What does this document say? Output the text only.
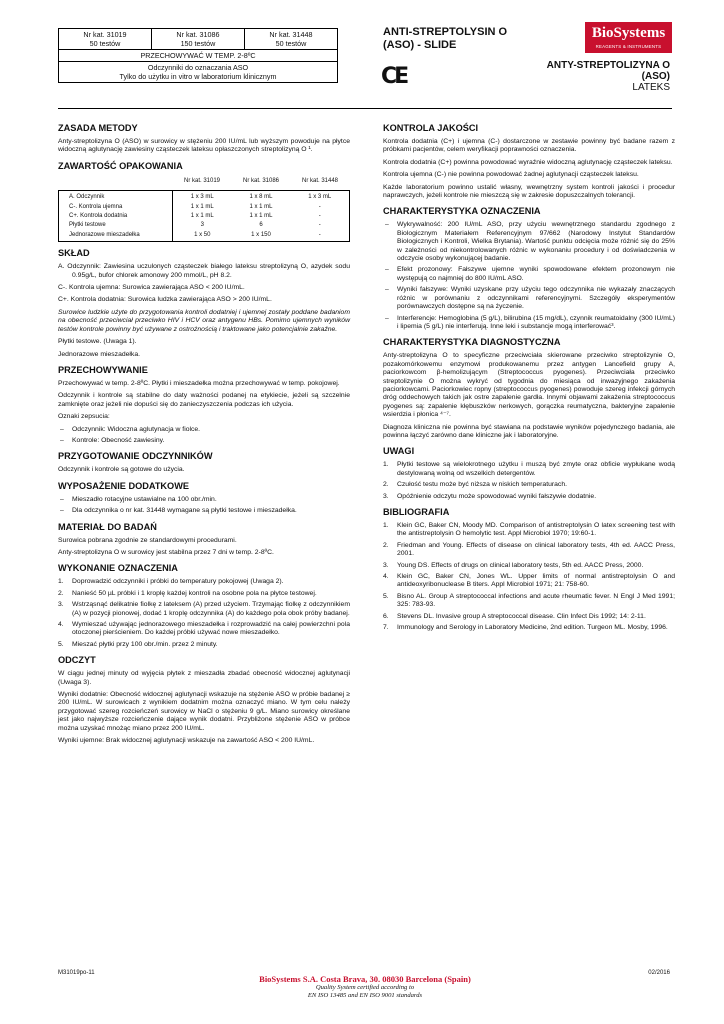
Nr kat. 31019
50 testów

Nr kat. 31086
150 testów

Nr kat. 31448
50 testów

PRZECHOWYWAĆ W TEMP. 2-8ºC

Odczynniki do oznaczania ASO
Tylko do użytku in vitro w laboratorium klinicznym
ANTI-STREPTOLYSIN O
(ASO) - SLIDE
CE
BioSystems
REAGENTS & INSTRUMENTS
ANTY-STREPTOLIZYNA O
(ASO)
LATEKS
ZASADA METODY

Anty-streptolizyna O (ASO) w surowicy w stężeniu 200 IU/mL lub wyższym powoduje na płytce widoczną aglutynację zawiesiny cząsteczek lateksu opłaszczonych streptolizyną O ¹.

ZAWARTOŚĆ OPAKOWANIA
	Nr kat. 31019	Nr kat. 31086	Nr kat. 31448
A. Odczynnik	1 x 3 mL	1 x 8 mL	1 x 3 mL
C-. Kontrola ujemna	1 x 1 mL	1 x 1 mL	-
C+. Kontrola dodatnia	1 x 1 mL	1 x 1 mL	-
Płytki testowe	3	6	-
Jednorazowe mieszadełka	1 x 50	1 x 150	-
SKŁAD

A. Odczynnik: Zawiesina uczulonych cząsteczek białego lateksu streptolizyną O, azydek sodu 0.95g/L, bufor chlorek amonowy 200 mmol/L, pH 8.2.

C-. Kontrola ujemna: Surowica zawierająca ASO < 200 IU/mL.

C+. Kontrola dodatnia: Surowica ludzka zawierająca ASO > 200 IU/mL.

Surowice ludzkie użyte do przygotowania kontroli dodatniej i ujemnej zostały poddane badaniom na obecność przeciwciał przeciwko HIV i HCV oraz antygenu HBs. Pomimo ujemnych wyników testów kontrole powinny być używane z ostrożnością i traktowane jako potencjalnie zakaźne.

Płytki testowe. (Uwaga 1).

Jednorazowe mieszadełka.

PRZECHOWYWANIE

Przechowywać w temp. 2-8ºC. Płytki i mieszadełka można przechowywać w temp. pokojowej.

Odczynnik i kontrole są stabilne do daty ważności podanej na etykiecie, jeżeli są szczelnie zamknięte oraz jeżeli nie dopuści się do zanieczyszczenia podczas ich użycia.

Oznaki zepsucia:

– Odczynnik: Widoczna aglutynacja w fiolce.
– Kontrole: Obecność zawiesiny.
PRZYGOTOWANIE ODCZYNNIKÓW

Odczynnik i kontrole są gotowe do użycia.

WYPOSAŻENIE DODATKOWE
– Mieszadło rotacyjne ustawialne na 100 obr./min.
– Dla odczynnika o nr kat. 31448 wymagane są płytki testowe i mieszadełka.
MATERIAŁ DO BADAŃ

Surowica pobrana zgodnie ze standardowymi procedurami.

Anty-streptolizyna O w surowicy jest stabilna przez 7 dni w temp. 2-8ºC.

WYKONANIE OZNACZENIA
1. Doprowadzić odczynniki i próbki do temperatury pokojowej (Uwaga 2).
2. Nanieść 50 µL próbki i 1 kroplę każdej kontroli na osobne pola na płytce testowej.
3. Wstrząsnąć delikatnie fiolkę z lateksem (A) przed użyciem. Trzymając fiolkę z odczynnikiem (A) w pozycji pionowej, dodać 1 kroplę odczynnika (A) do każdego pola obok próby badanej.
4. Wymieszać używając jednorazowego mieszadełka i rozprowadzić na całej powierzchni pola otoczonej pierścieniem. Do każdej próbki używać nowe mieszadełko.
5. Mieszać płytki przy 100 obr./min. przez 2 minuty.
ODCZYT

W ciągu jednej minuty od wyjęcia płytek z mieszadła zbadać obecność widocznej aglutynacji (Uwaga 3).

Wyniki dodatnie: Obecność widocznej aglutynacji wskazuje na stężenie ASO w próbie badanej ≥ 200 IU/mL. W surowicach z wynikiem dodatnim można oznaczyć miano. W tym celu należy przygotować szereg rozcieńczeń surowicy w NaCl o stężeniu 9 g/L. Miano surowicy określane jest jako najwyższe rozcieńczenie dające wynik dodatni. Przybliżone stężenie ASO w próbce można uzyskać mnożąc miano przez 200 IU/mL.

Wyniki ujemne: Brak widocznej aglutynacji wskazuje na zawartość ASO < 200 IU/mL.

KONTROLA JAKOŚCI

Kontrola dodatnia (C+) i ujemna (C-) dostarczone w zestawie powinny być badane razem z próbkami pacjentów, celem weryfikacji poprawności oznaczenia.

Kontrola dodatnia (C+) powinna powodować wyraźnie widoczną aglutynację cząsteczek lateksu.

Kontrola ujemna (C-) nie powinna powodować żadnej aglutynacji cząsteczek lateksu.

Każde laboratorium powinno ustalić własny, wewnętrzny system kontroli jakości i procedur naprawczych, jeżeli kontrole nie mieszczą się w zakresie dopuszczalnych tolerancji.

CHARAKTERYSTYKA OZNACZENIA
– Wykrywalność: 200 IU/mL ASO, przy użyciu wewnętrznego standardu zgodnego z Biologicznym Materiałem Referencyjnym 97/662 (Narodowy Instytut Standardów Biologicznych i Kontroli, Wielka Brytania). Wartość punktu odcięcia może różnić się do 25% w zależności od niekontrolowanych różnic w wykonaniu procedury i od doświadczenia w odczycie osoby wykonującej badanie.
– Efekt prozonowy: Fałszywe ujemne wyniki spowodowane efektem prozonowym nie występują co najmniej do 800 IU/mL ASO.
– Wyniki fałszywe: Wyniki uzyskane przy użyciu tego odczynnika nie wykazały znaczących różnic w porównaniu z odczynnikami referencyjnymi. Szczegóły eksperymentów porównawczych dostępne są na życzenie.
– Interferencje: Hemoglobina (5 g/L), bilirubina (15 mg/dL), czynnik reumatoidalny (300 IU/mL) i lipemia (5 g/L) nie interferują. Inne leki i substancje mogą interferować³.
CHARAKTERYSTYKA DIAGNOSTYCZNA

Anty-streptolizyna O to specyficzne przeciwciała skierowane przeciwko streptolizynie O, pozakomórkowemu enzymowi produkowanemu przez antygen Lancefield grupy A, paciorkowcom β-hemolizującym (Streptococcus pyogenes). Przeciwciała przeciwko streptolizynie O można wykryć od tygodnia do miesiąca od inwazyjnego zakażenia paciorkowcami. Paciorkowiec ropny (streptococcus pyogenes) powoduje szereg infekcji górnych dróg oddechowych takich jak ostre zapalenie gardła. Innymi objawami zakażenia streptococcus pyogenes są: zapalenie kłębuszków nerkowych, gorączka reumatyczna, bakteryjne zapalenie wsierdzia i płonica ⁴⁻⁷.

Diagnoza kliniczna nie powinna być stawiana na podstawie wyników pojedynczego badania, ale powinna łączyć zarówno dane kliniczne jak i laboratoryjne.

UWAGI
1. Płytki testowe są wielokrotnego użytku i muszą być zmyte oraz obficie wypłukane wodą destylowaną wolną od wszelkich detergentów.
2. Czułość testu może być niższa w niskich temperaturach.
3. Opóźnienie odczytu może spowodować wyniki fałszywie dodatnie.
BIBLIOGRAFIA
1. Klein GC, Baker CN, Moody MD. Comparison of antistreptolysin O latex screening test with the antistreptolysin O hemolytic test. Appl Microbiol 1970; 19:60-1.
2. Friedman and Young. Effects of disease on clinical laboratory tests, 4th ed. AACC Press, 2001.
3. Young DS. Effects of drugs on clinical laboratory tests, 5th ed. AACC Press, 2000.
4. Klein GC, Baker CN, Jones WL. Upper limits of normal antistreptolysin O and antideoxyribonuclease B titers. Appl Microbiol 1971; 21: 758-60.
5. Bisno AL. Group A streptococcal infections and acute rheumatic fever. N Engl J Med 1991; 325: 783-93.
6. Stevens DL. Invasive group A streptococcal disease. Clin Infect Dis 1992; 14: 2-11.
7. Immunology and Serology in Laboratory Medicine, 2nd edition. Turgeon ML. Mosby, 1996.
M31019po-11	02/2016
BioSystems S.A. Costa Brava, 30. 08030 Barcelona (Spain)
Quality System certified according to
EN ISO 13485 and EN ISO 9001 standards
